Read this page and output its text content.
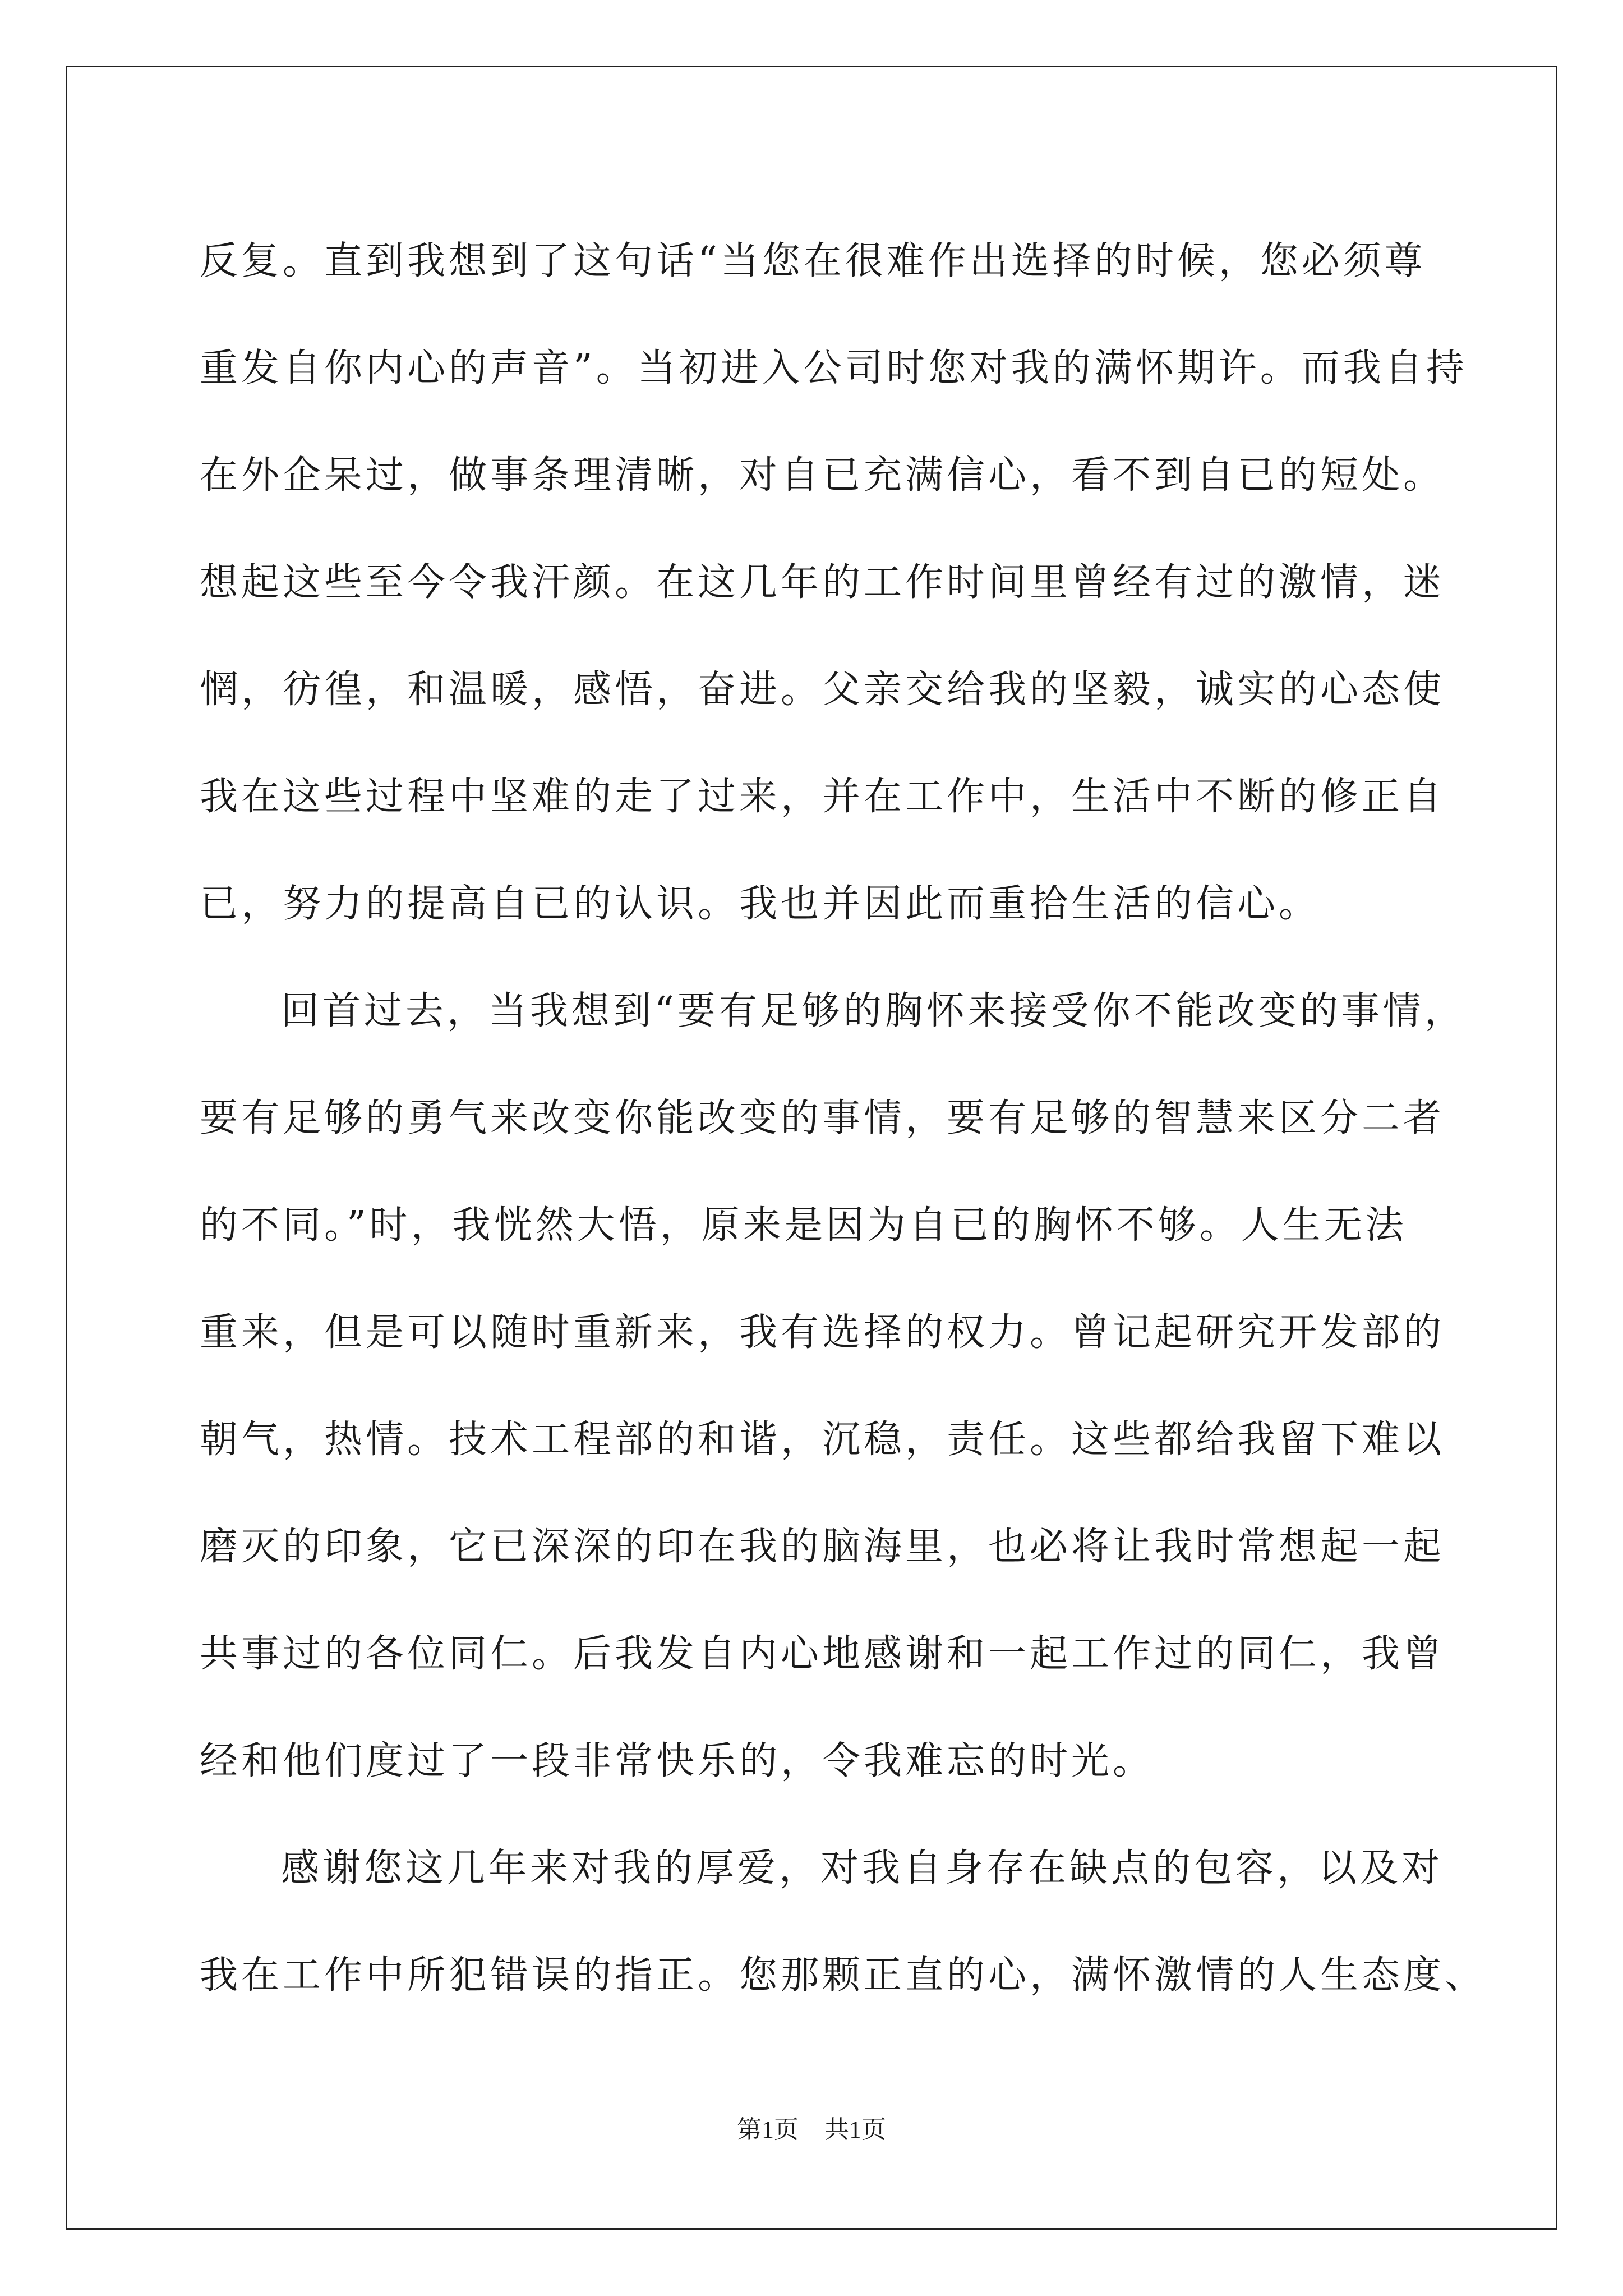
反复。直到我想到了这句话“当您在很难作出选择的时候，您必须尊
重发自你内心的声音”。当初进入公司时您对我的满怀期许。而我自持
在外企呆过，做事条理清晰，对自已充满信心，看不到自已的短处。
想起这些至今令我汗颜。在这几年的工作时间里曾经有过的激情，迷
惘，彷徨，和温暖，感悟，奋进。父亲交给我的坚毅，诚实的心态使
我在这些过程中坚难的走了过来，并在工作中，生活中不断的修正自
已，努力的提高自已的认识。我也并因此而重拾生活的信心。
回首过去，当我想到“要有足够的胸怀来接受你不能改变的事情，
要有足够的勇气来改变你能改变的事情，要有足够的智慧来区分二者
的不同。”时，我恍然大悟，原来是因为自已的胸怀不够。人生无法
重来，但是可以随时重新来，我有选择的权力。曾记起研究开发部的
朝气，热情。技术工程部的和谐，沉稳，责任。这些都给我留下难以
磨灭的印象，它已深深的印在我的脑海里，也必将让我时常想起一起
共事过的各位同仁。后我发自内心地感谢和一起工作过的同仁，我曾
经和他们度过了一段非常快乐的，令我难忘的时光。
感谢您这几年来对我的厚爱，对我自身存在缺点的包容，以及对
我在工作中所犯错误的指正。您那颗正直的心，满怀激情的人生态度、
第1页 共1页
